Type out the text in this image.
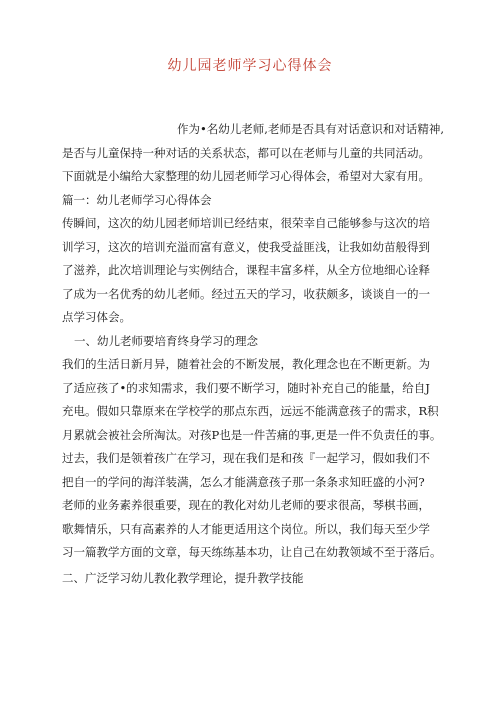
幼儿园老师学习心得体会
作为•名幼儿老师,老师是否具有对话意识和对话精神,
是否与儿童保持一种对话的关系状态，都可以在老师与儿童的共同活动。
下面就是小编给大家整理的幼儿园老师学习心得体会，希望对大家有用。
篇一：幼儿老师学习心得体会
传瞬间，这次的幼儿园老师培训已经结束，很荣幸自己能够参与这次的培
训学习，这次的培训充溢而富有意义，使我受益匪浅，让我如幼苗般得到
了滋养，此次培训理论与实例结合，课程丰富多样，从全方位地细心诠释
了成为一名优秀的幼儿老师。经过五天的学习，收获颇多，谈谈自一的一
点学习体会。
一、幼儿老师要培育终身学习的理念
我们的生活日新月异，随着社会的不断发展，教化理念也在不断更新。为
了适应孩了•的求知需求，我们要不断学习，随时补充自己的能量，给自J
充电。假如只靠原来在学校学的那点东西，远远不能满意孩子的需求，R积
月累就会被社会所淘汰。对孩P也是一件苦痛的事,更是一件不负责任的事。
过去，我们是领着孩广在学习，现在我们是和孩『一起学习，假如我们不
把自一的学问的海洋装满，怎么才能满意孩子那一条条求知旺盛的小河?
老师的业务素养很重要，现在的教化对幼儿老师的要求很高，琴棋书画，
歌舞情乐，只有高素养的人才能更适用这个岗位。所以，我们每天至少学
习一篇教学方面的文章，每天练练基本功，让自己在幼教领域不至于落后。
二、广泛学习幼儿教化教学理论，提升教学技能
